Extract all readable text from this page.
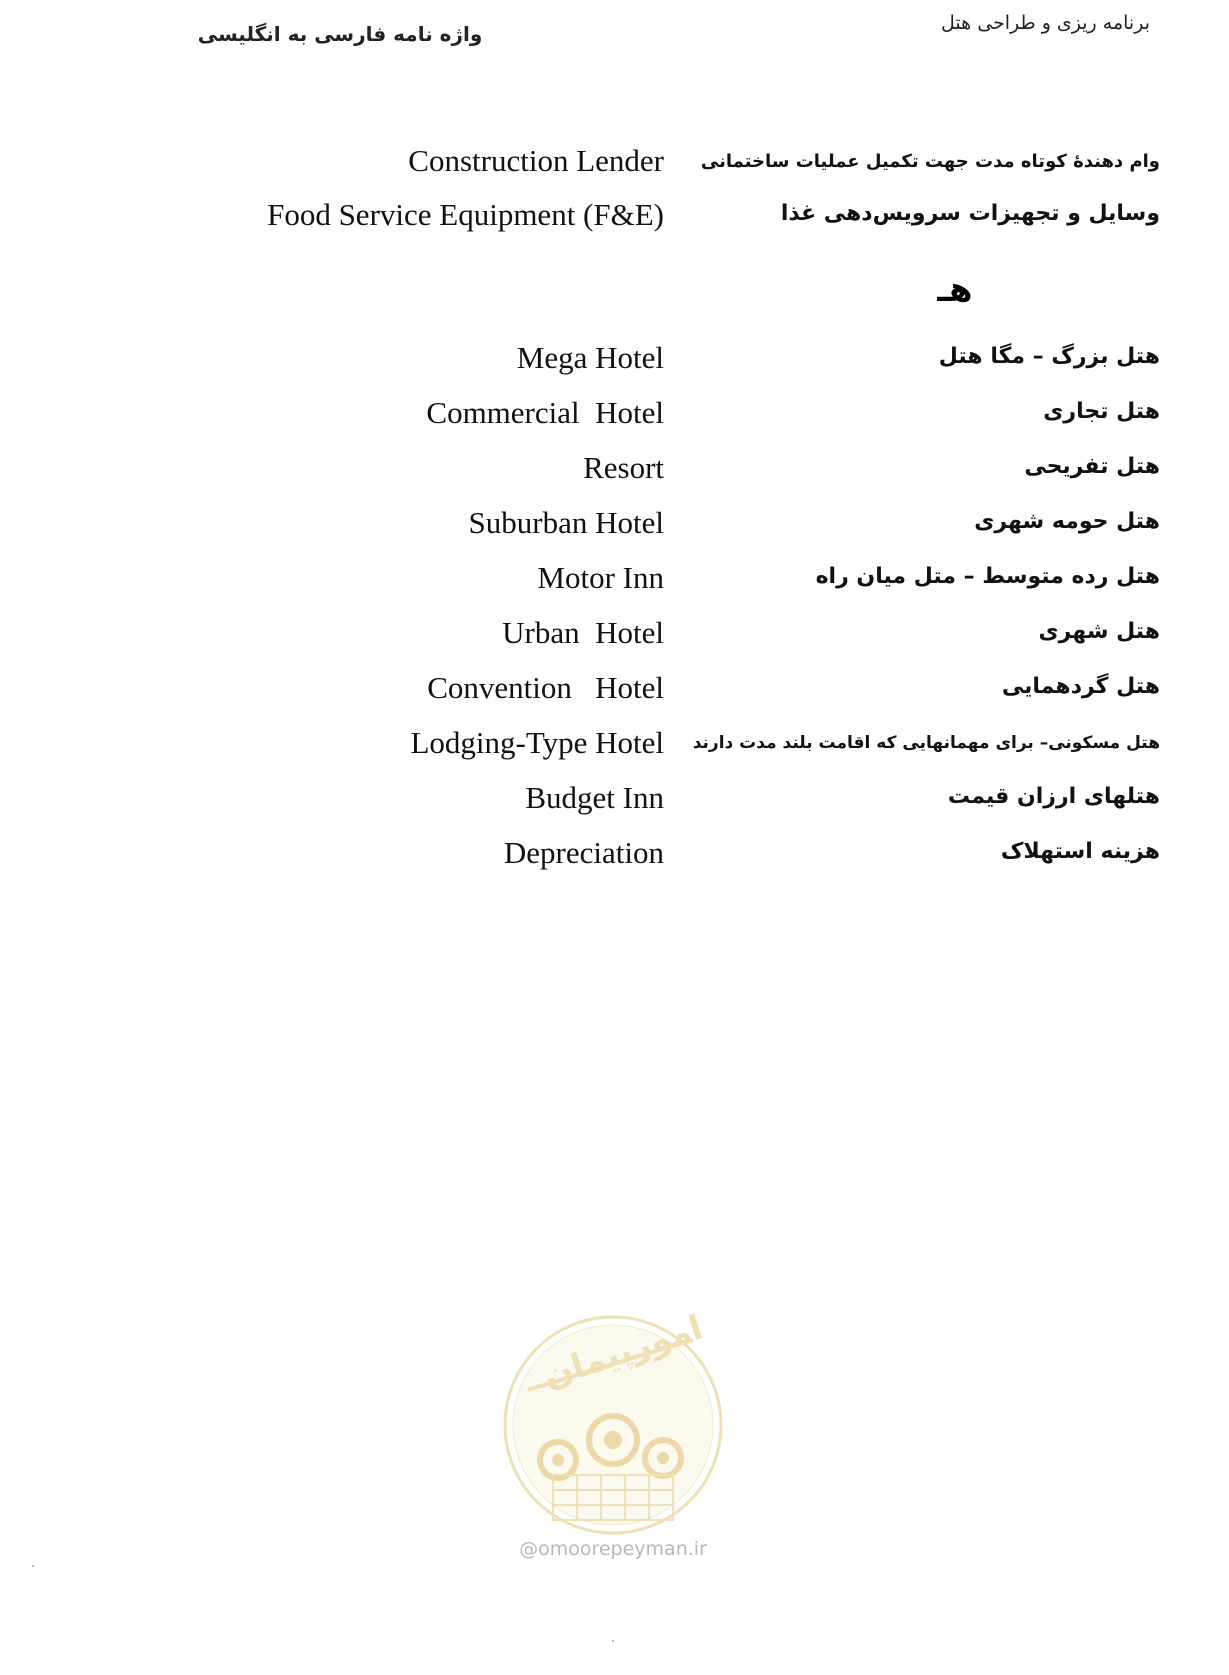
برنامه ریزی و طراحی هتل
واژه نامه فارسی به انگلیسی
Construction Lender	وام دهندهٔ کوتاه مدت جهت تکمیل عملیات ساختمانی
Food Service Equipment (F&E)	وسایل و تجهیزات سرویس‌دهی غذا
هـ
Mega Hotel	هتل بزرگ – مگا هتل
Commercial  Hotel	هتل تجاری
Resort	هتل تفریحی
Suburban Hotel	هتل حومه شهری
Motor Inn	هتل رده متوسط – متل میان راه
Urban  Hotel	هتل شهری
Convention   Hotel	هتل گردهمایی
Lodging-Type Hotel	هتل مسکونی– برای مهمانهایی که اقامت بلند مدت دارند
Budget Inn	هتلهای ارزان قیمت
Depreciation	هزینه استهلاک
امورپیمان
@omoorepeyman.ir
